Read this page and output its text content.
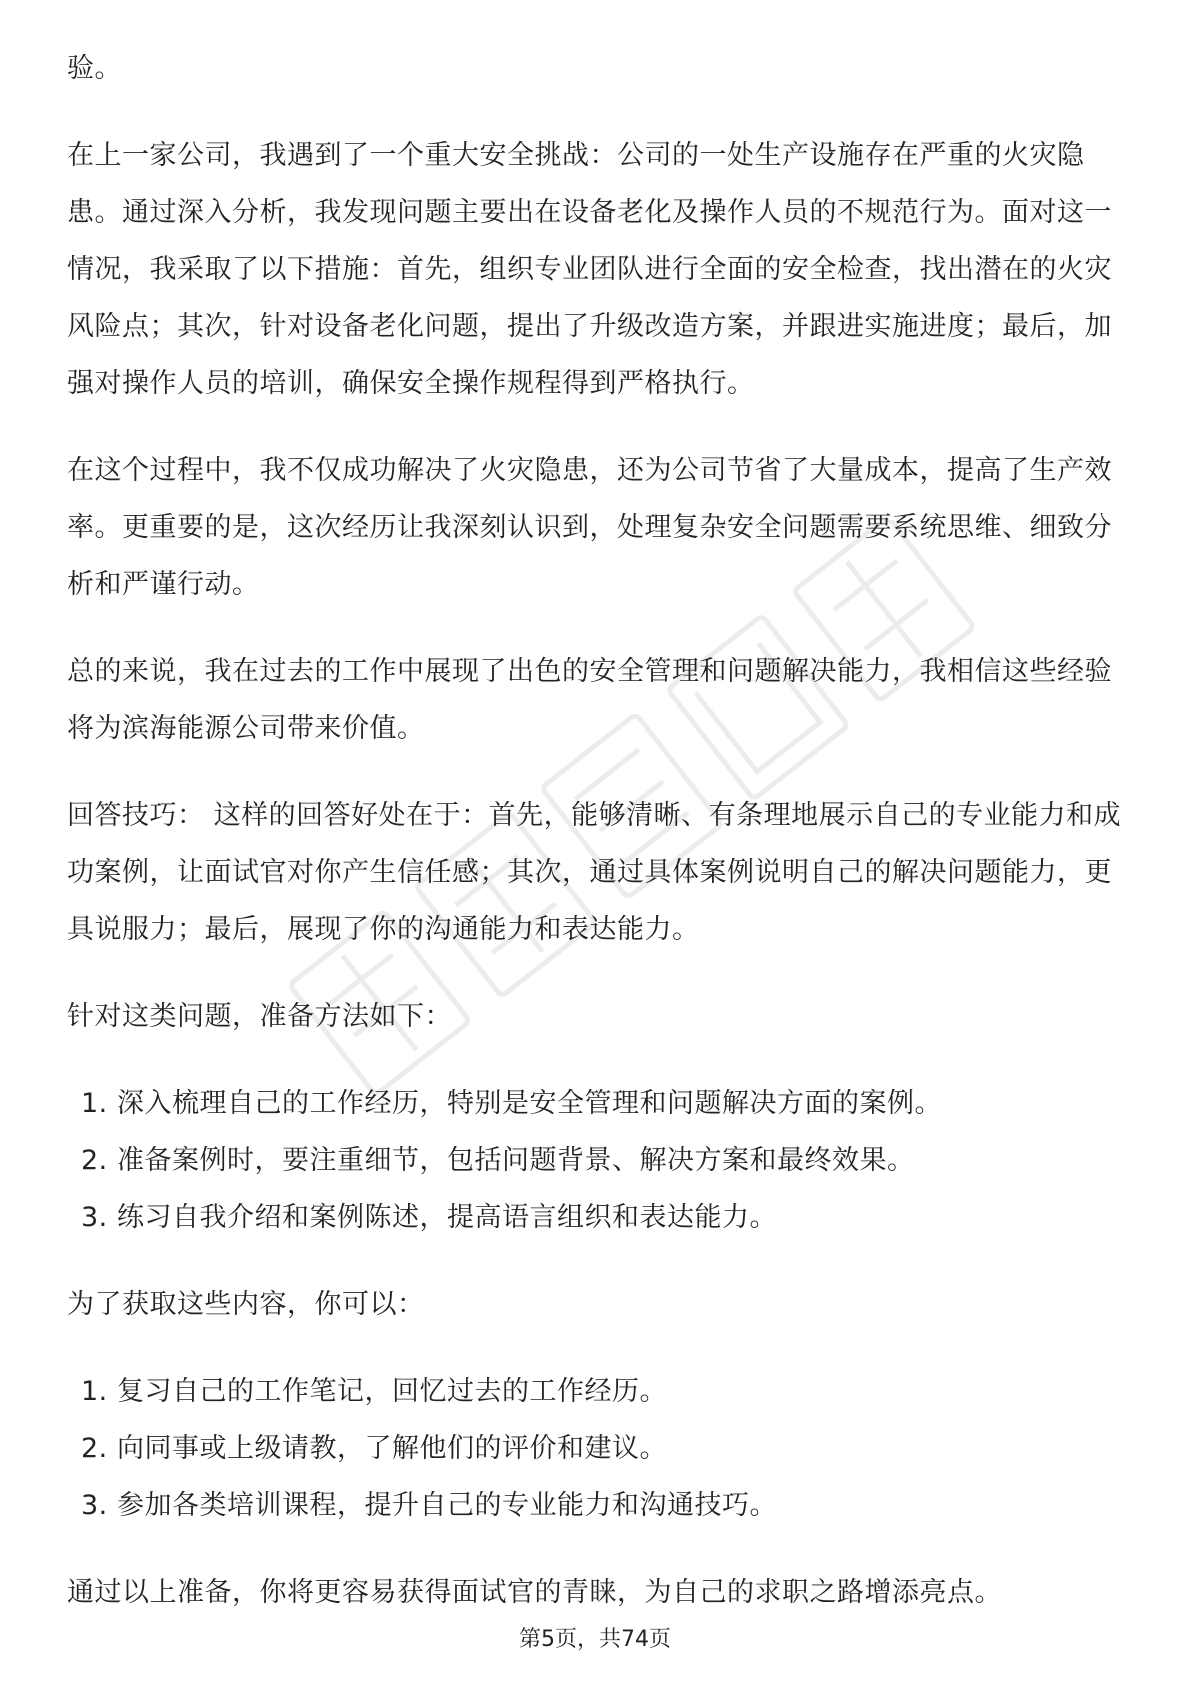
验。

在上一家公司，我遇到了一个重大安全挑战：公司的一处生产设施存在严重的火灾隐患。通过深入分析，我发现问题主要出在设备老化及操作人员的不规范行为。面对这一情况，我采取了以下措施：首先，组织专业团队进行全面的安全检查，找出潜在的火灾风险点；其次，针对设备老化问题，提出了升级改造方案，并跟进实施进度；最后，加强对操作人员的培训，确保安全操作规程得到严格执行。

在这个过程中，我不仅成功解决了火灾隐患，还为公司节省了大量成本，提高了生产效率。更重要的是，这次经历让我深刻认识到，处理复杂安全问题需要系统思维、细致分析和严谨行动。

总的来说，我在过去的工作中展现了出色的安全管理和问题解决能力，我相信这些经验将为滨海能源公司带来价值。

回答技巧： 这样的回答好处在于：首先，能够清晰、有条理地展示自己的专业能力和成功案例，让面试官对你产生信任感；其次，通过具体案例说明自己的解决问题能力，更具说服力；最后，展现了你的沟通能力和表达能力。

针对这类问题，准备方法如下：

1. 深入梳理自己的工作经历，特别是安全管理和问题解决方面的案例。
2. 准备案例时，要注重细节，包括问题背景、解决方案和最终效果。
3. 练习自我介绍和案例陈述，提高语言组织和表达能力。

为了获取这些内容，你可以：

1. 复习自己的工作笔记，回忆过去的工作经历。
2. 向同事或上级请教，了解他们的评价和建议。
3. 参加各类培训课程，提升自己的专业能力和沟通技巧。

通过以上准备，你将更容易获得面试官的青睐，为自己的求职之路增添亮点。

第5页，共74页
